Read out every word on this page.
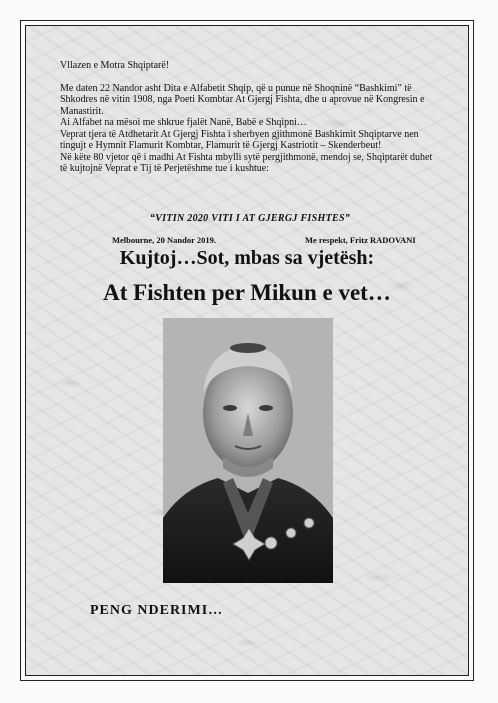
Vllazen e Motra Shqiptarë!

Me daten 22 Nandor asht Dita e Alfabetit Shqip, që u punue në Shoqninë “Bashkimi” të Shkodres në vitin 1908, nga Poeti Kombtar At Gjergj Fishta, dhe u aprovue në Kongresin e Manastirit.

Ai Alfabet na mësoi me shkrue fjalët Nanë, Babë e Shqipni…

Veprat tjera të Atdhetarit At Gjergj Fishta i sherbyen gjithmonë Bashkimit Shqiptarve nen tingujt e Hymnit Flamurit Kombtar, Flamurit të Gjergj Kastriotit – Skenderbeut!

Në këte 80 vjetor që i madhi At Fishta mbylli sytë pergjithmonë, mendoj se, Shqiptarët duhet të kujtojnë Veprat e Tij të Perjetëshme tue i kushtue:

“VITIN 2020 VITI I AT GJERGJ FISHTES”
Melbourne, 20 Nandor 2019.	Me respekt, Fritz RADOVANI
Kujtoj…Sot, mbas sa vjetësh:
At Fishten per Mikun e vet…
PENG NDERIMI…
